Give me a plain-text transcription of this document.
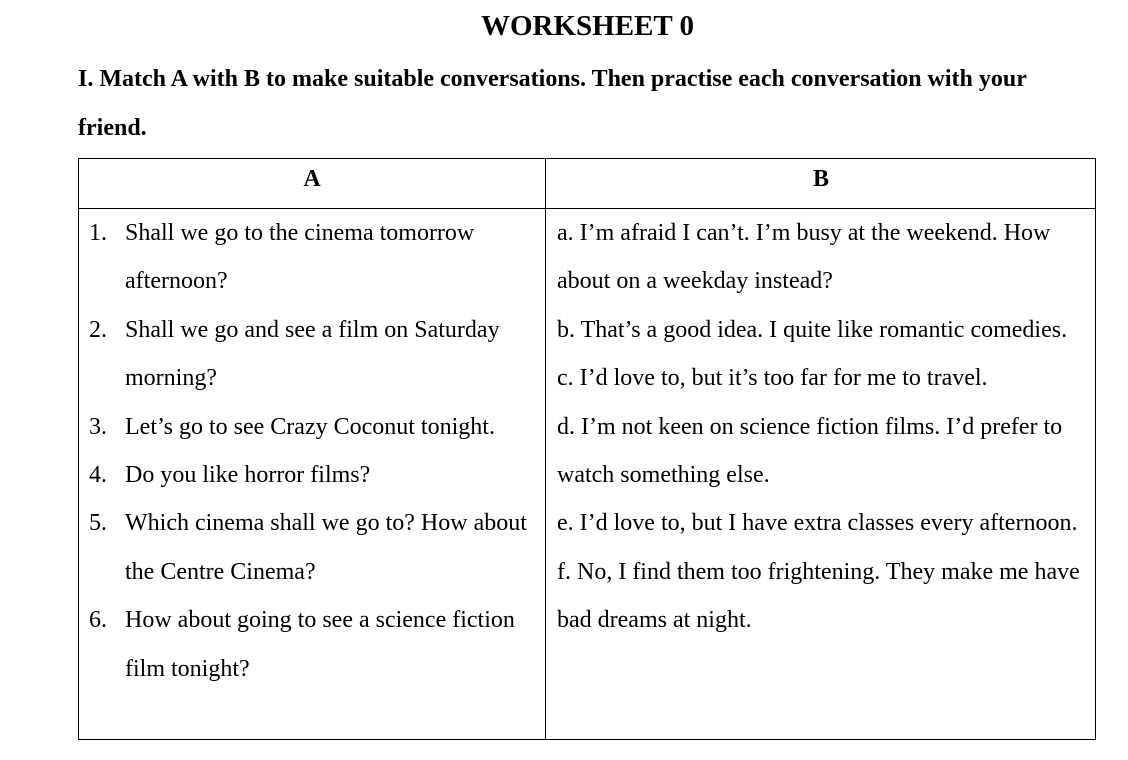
WORKSHEET 0
I. Match A with B to make suitable conversations. Then practise each conversation with your friend.
A	B
1. Shall we go to the cinema tomorrow afternoon?
2. Shall we go and see a film on Saturday morning?
3. Let’s go to see Crazy Coconut tonight.
4. Do you like horror films?
5. Which cinema shall we go to? How about the Centre Cinema?
6. How about going to see a science fiction film tonight?
a. I’m afraid I can’t. I’m busy at the weekend. How about on a weekday instead?
b. That’s a good idea. I quite like romantic comedies.
c. I’d love to, but it’s too far for me to travel.
d. I’m not keen on science fiction films. I’d prefer to watch something else.
e. I’d love to, but I have extra classes every afternoon.
f. No, I find them too frightening. They make me have bad dreams at night.
